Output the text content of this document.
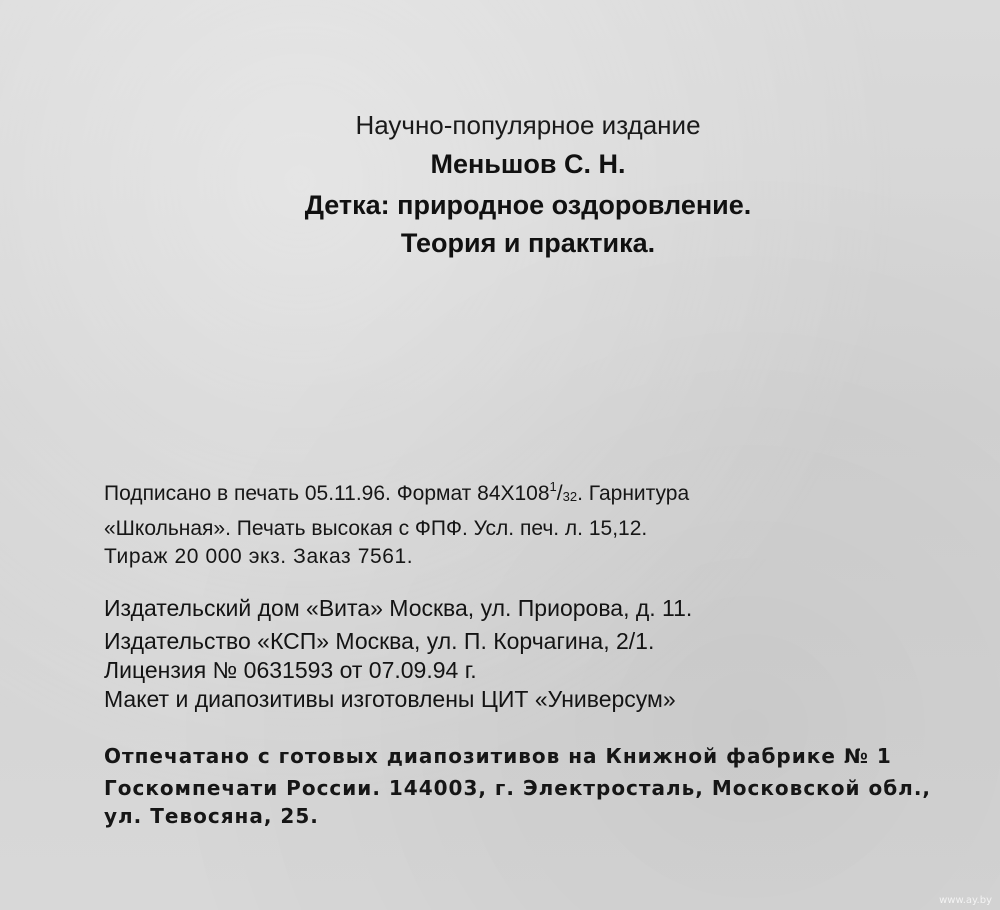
Научно-популярное издание
Меньшов С. Н.
Детка: природное оздоровление.
Теория и практика.
Подписано в печать 05.11.96. Формат $84Х108^1/_{32}$. Гарнитура
«Школьная». Печать высокая с ФПФ. Усл. печ. л. 15,12.
Тираж 20 000 экз. Заказ 7561.
Издательский дом «Вита» Москва, ул. Приорова, д. 11.
Издательство «КСП» Москва, ул. П. Корчагина, 2/1.
Лицензия № 0631593 от 07.09.94 г.
Макет и диапозитивы изготовлены ЦИТ «Универсум»
Отпечатано с готовых диапозитивов на Книжной фабрике № 1
Госкомпечати России. 144003, г. Электросталь, Московской обл.,
ул. Тевосяна, 25.
www.ay.by
